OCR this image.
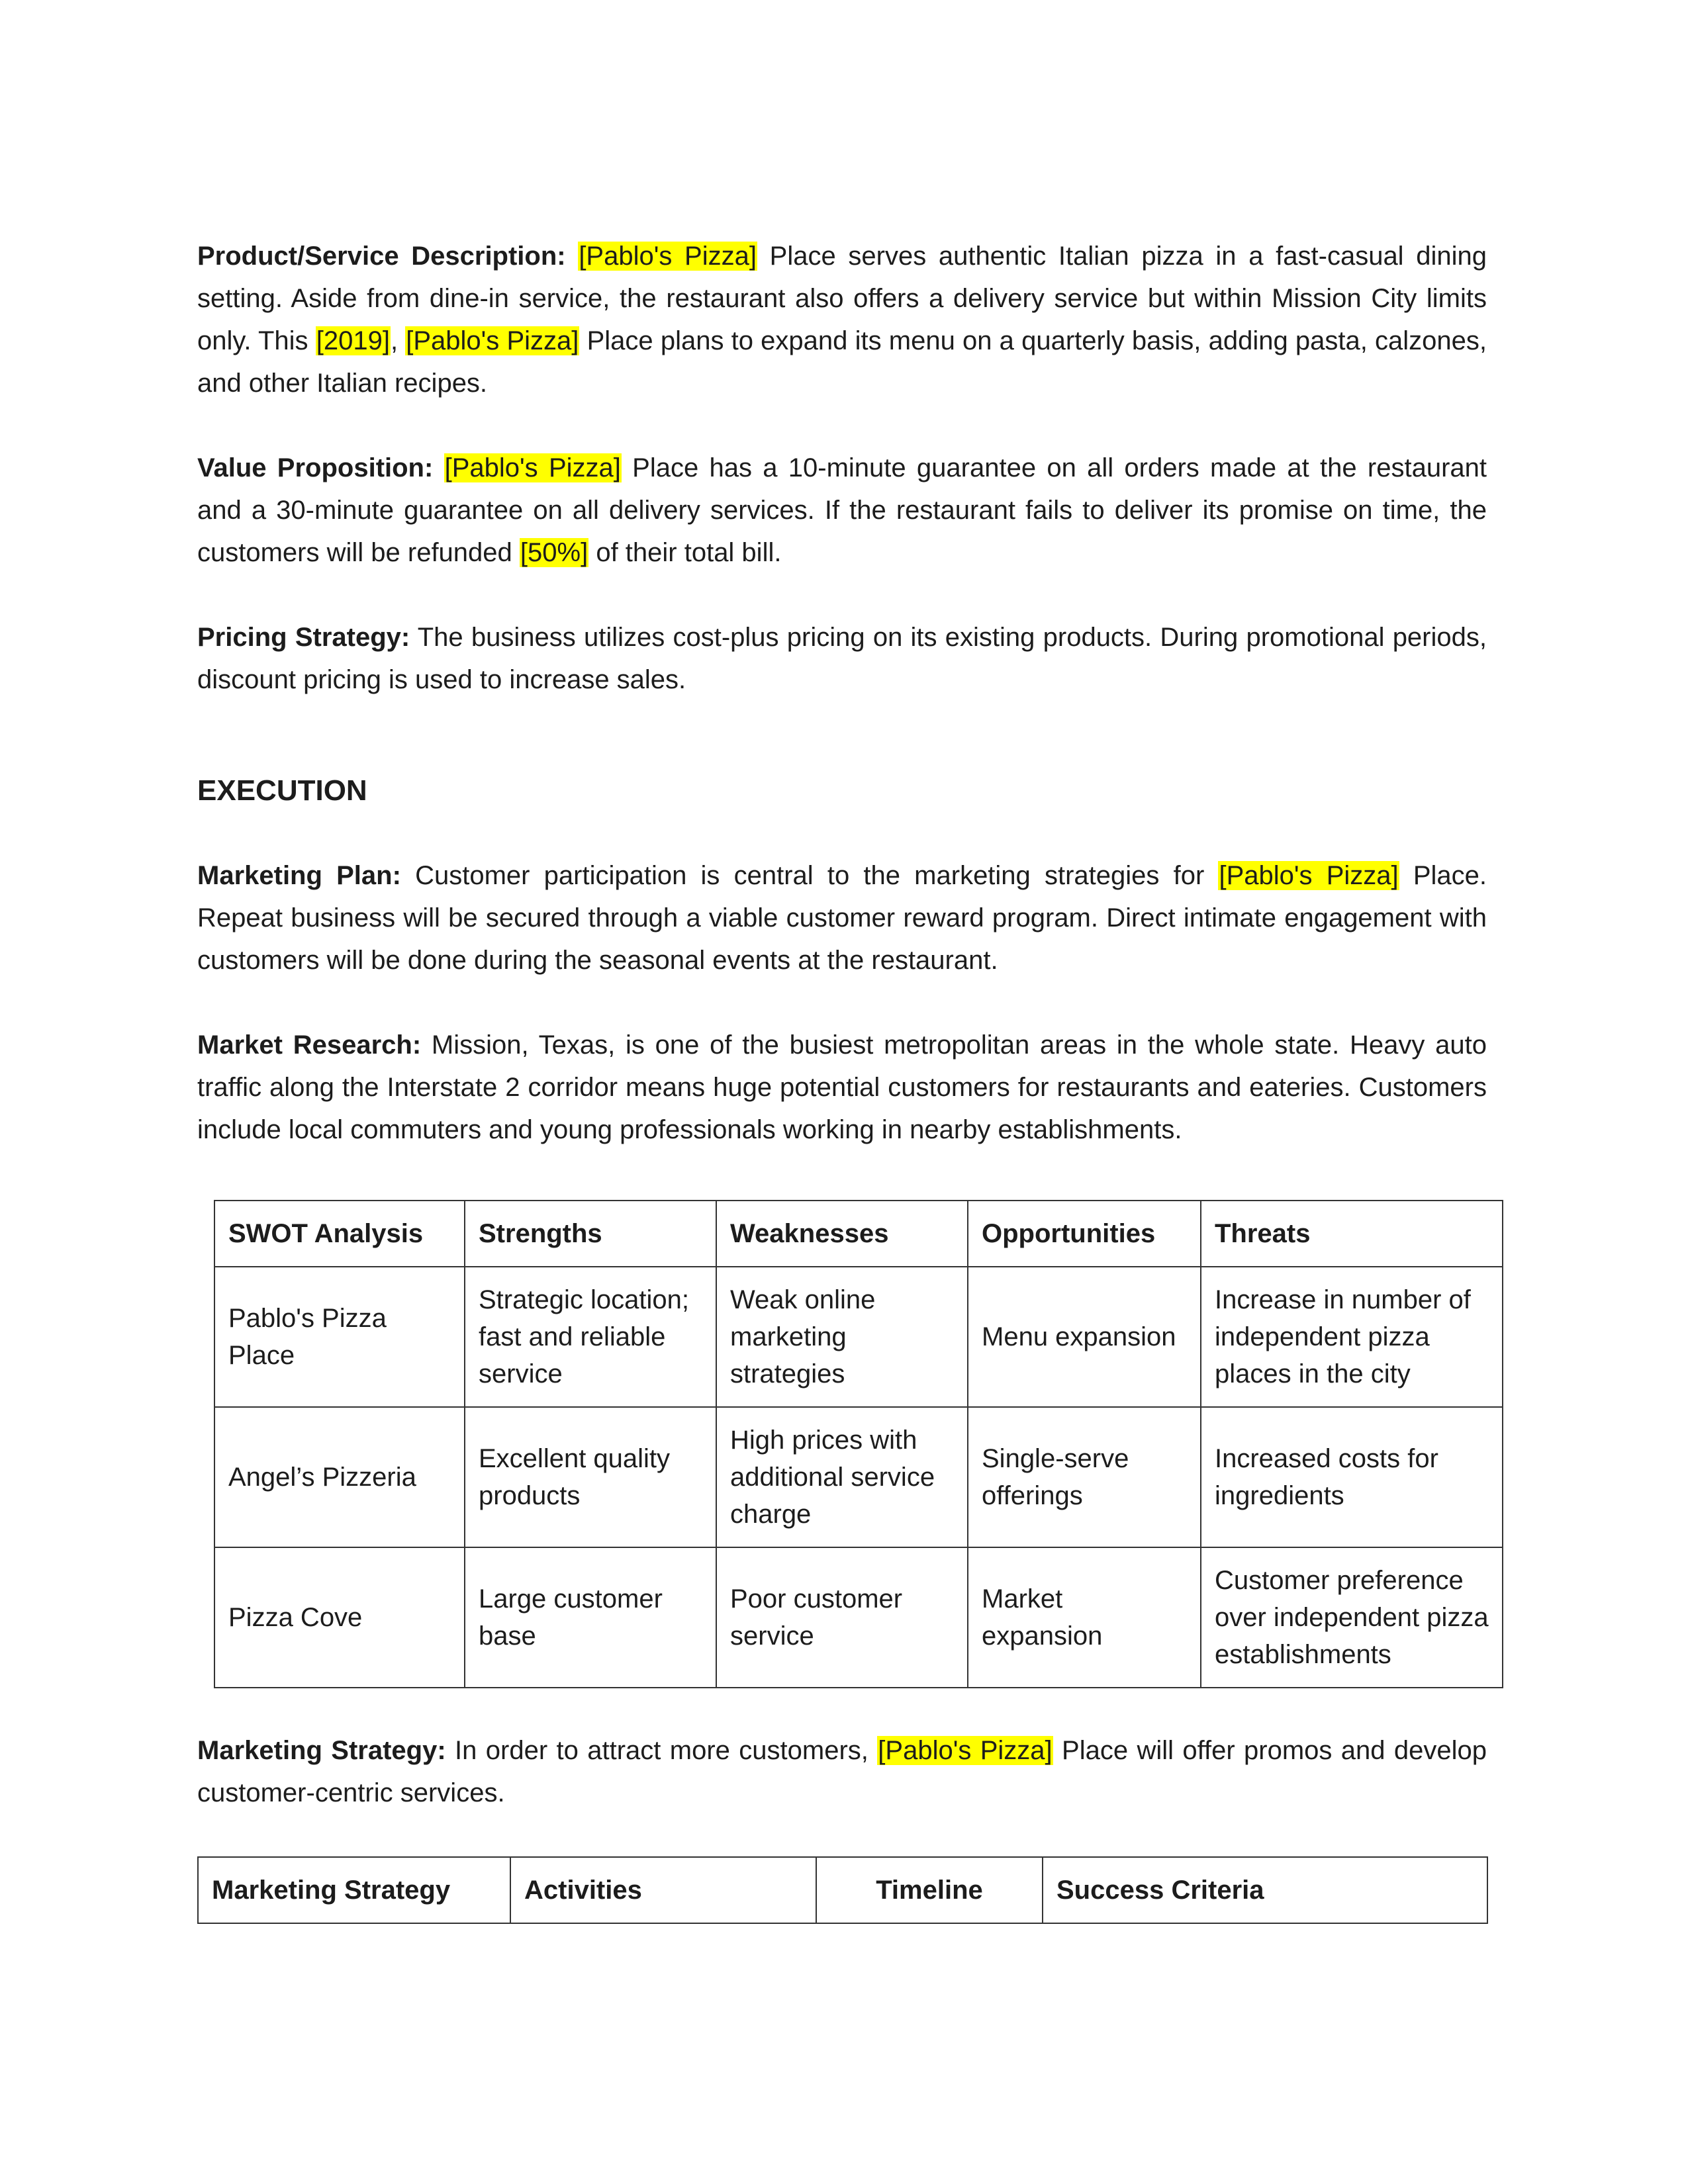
Product/Service Description: [Pablo's Pizza] Place serves authentic Italian pizza in a fast-casual dining setting. Aside from dine-in service, the restaurant also offers a delivery service but within Mission City limits only. This [2019], [Pablo's Pizza] Place plans to expand its menu on a quarterly basis, adding pasta, calzones, and other Italian recipes.

Value Proposition: [Pablo's Pizza] Place has a 10-minute guarantee on all orders made at the restaurant and a 30-minute guarantee on all delivery services. If the restaurant fails to deliver its promise on time, the customers will be refunded [50%] of their total bill.

Pricing Strategy: The business utilizes cost-plus pricing on its existing products. During promotional periods, discount pricing is used to increase sales.

EXECUTION

Marketing Plan: Customer participation is central to the marketing strategies for [Pablo's Pizza] Place. Repeat business will be secured through a viable customer reward program. Direct intimate engagement with customers will be done during the seasonal events at the restaurant.

Market Research: Mission, Texas, is one of the busiest metropolitan areas in the whole state. Heavy auto traffic along the Interstate 2 corridor means huge potential customers for restaurants and eateries. Customers include local commuters and young professionals working in nearby establishments.

SWOT Analysis	Strengths	Weaknesses	Opportunities	Threats
Pablo's Pizza Place	Strategic location; fast and reliable service	Weak online marketing strategies	Menu expansion	Increase in number of independent pizza places in the city
Angel’s Pizzeria	Excellent quality products	High prices with additional service charge	Single-serve offerings	Increased costs for ingredients
Pizza Cove	Large customer base	Poor customer service	Market expansion	Customer preference over independent pizza establishments

Marketing Strategy: In order to attract more customers, [Pablo's Pizza] Place will offer promos and develop customer-centric services.

Marketing Strategy	Activities	Timeline	Success Criteria
